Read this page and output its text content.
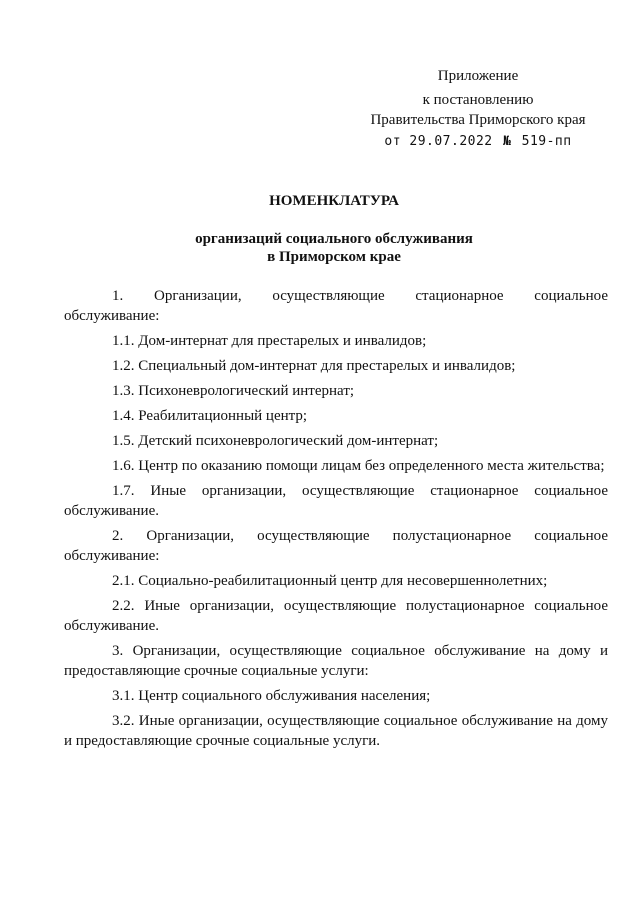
Приложение
к постановлению
Правительства Приморского края
от 29.07.2022 № 519-пп
НОМЕНКЛАТУРА
организаций социального обслуживания
в Приморском крае

1. Организации, осуществляющие стационарное социальное обслуживание:

1.1. Дом-интернат для престарелых и инвалидов;

1.2. Специальный дом-интернат для престарелых и инвалидов;

1.3. Психоневрологический интернат;

1.4. Реабилитационный центр;

1.5. Детский психоневрологический дом-интернат;

1.6. Центр по оказанию помощи лицам без определенного места жительства;

1.7. Иные организации, осуществляющие стационарное социальное обслуживание.

2. Организации, осуществляющие полустационарное социальное обслуживание:

2.1. Социально-реабилитационный центр для несовершеннолетних;

2.2. Иные организации, осуществляющие полустационарное социальное обслуживание.

3. Организации, осуществляющие социальное обслуживание на дому и предоставляющие срочные социальные услуги:

3.1. Центр социального обслуживания населения;

3.2. Иные организации, осуществляющие социальное обслуживание на дому и предоставляющие срочные социальные услуги.
